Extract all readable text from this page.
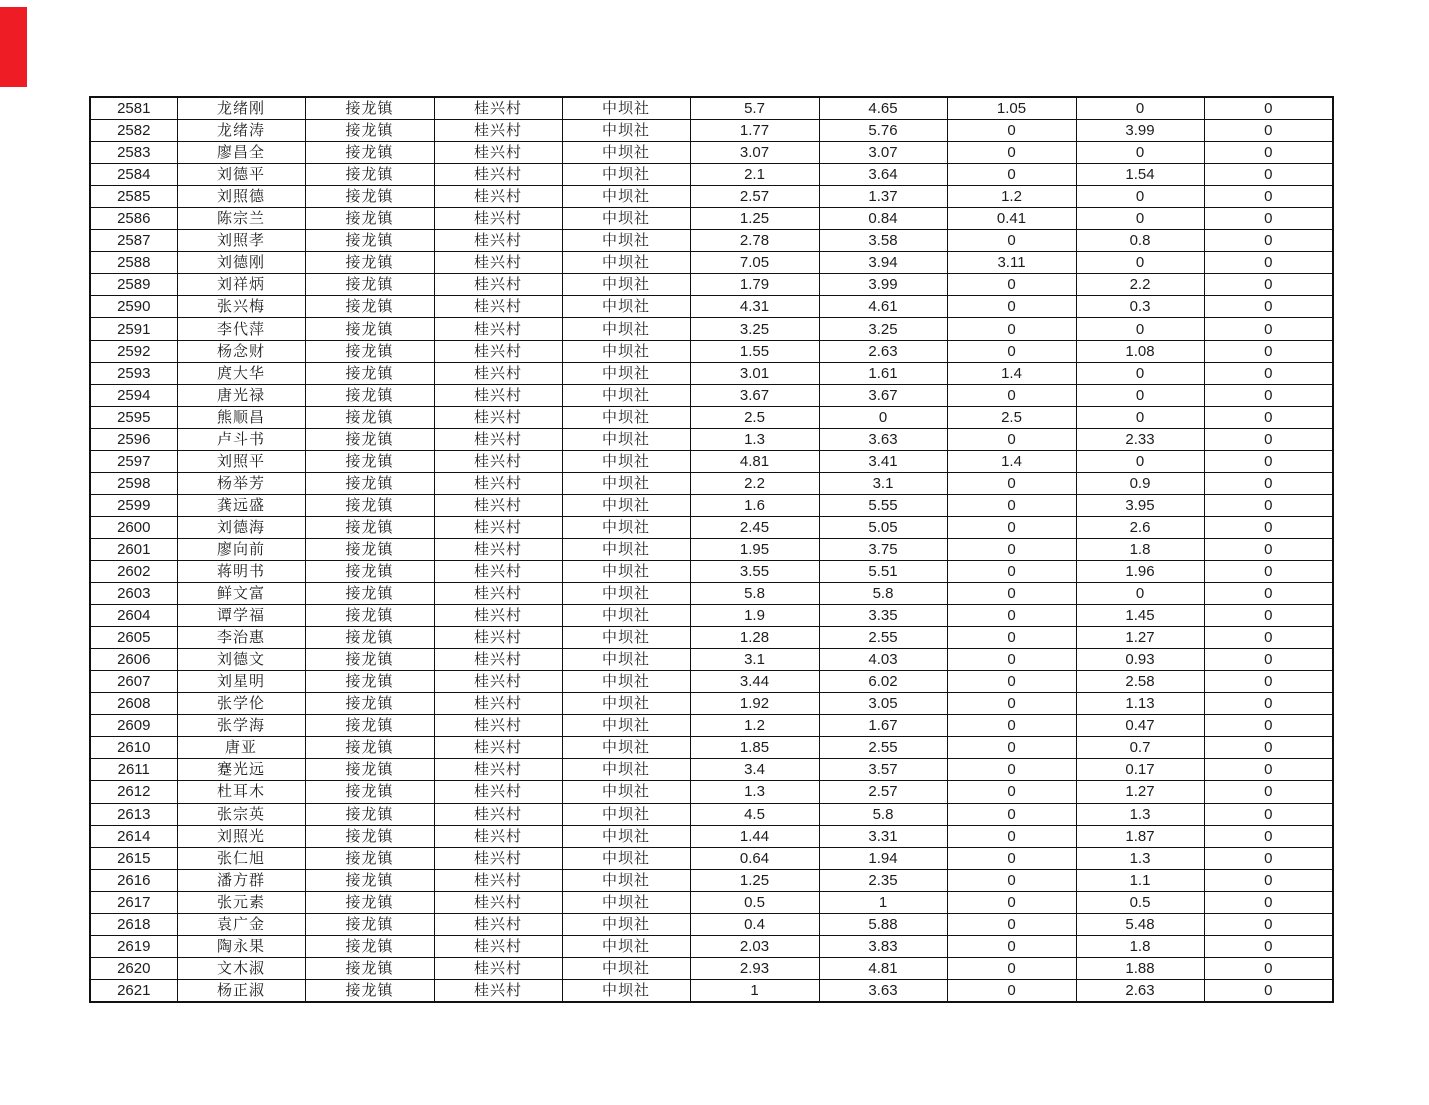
2581	龙绪刚	接龙镇	桂兴村	中坝社	5.7	4.65	1.05	0	0
2582	龙绪涛	接龙镇	桂兴村	中坝社	1.77	5.76	0	3.99	0
2583	廖昌全	接龙镇	桂兴村	中坝社	3.07	3.07	0	0	0
2584	刘德平	接龙镇	桂兴村	中坝社	2.1	3.64	0	1.54	0
2585	刘照德	接龙镇	桂兴村	中坝社	2.57	1.37	1.2	0	0
2586	陈宗兰	接龙镇	桂兴村	中坝社	1.25	0.84	0.41	0	0
2587	刘照孝	接龙镇	桂兴村	中坝社	2.78	3.58	0	0.8	0
2588	刘德刚	接龙镇	桂兴村	中坝社	7.05	3.94	3.11	0	0
2589	刘祥炳	接龙镇	桂兴村	中坝社	1.79	3.99	0	2.2	0
2590	张兴梅	接龙镇	桂兴村	中坝社	4.31	4.61	0	0.3	0
2591	李代萍	接龙镇	桂兴村	中坝社	3.25	3.25	0	0	0
2592	杨念财	接龙镇	桂兴村	中坝社	1.55	2.63	0	1.08	0
2593	庹大华	接龙镇	桂兴村	中坝社	3.01	1.61	1.4	0	0
2594	唐光禄	接龙镇	桂兴村	中坝社	3.67	3.67	0	0	0
2595	熊顺昌	接龙镇	桂兴村	中坝社	2.5	0	2.5	0	0
2596	卢斗书	接龙镇	桂兴村	中坝社	1.3	3.63	0	2.33	0
2597	刘照平	接龙镇	桂兴村	中坝社	4.81	3.41	1.4	0	0
2598	杨举芳	接龙镇	桂兴村	中坝社	2.2	3.1	0	0.9	0
2599	龚远盛	接龙镇	桂兴村	中坝社	1.6	5.55	0	3.95	0
2600	刘德海	接龙镇	桂兴村	中坝社	2.45	5.05	0	2.6	0
2601	廖向前	接龙镇	桂兴村	中坝社	1.95	3.75	0	1.8	0
2602	蒋明书	接龙镇	桂兴村	中坝社	3.55	5.51	0	1.96	0
2603	鲜文富	接龙镇	桂兴村	中坝社	5.8	5.8	0	0	0
2604	谭学福	接龙镇	桂兴村	中坝社	1.9	3.35	0	1.45	0
2605	李治惠	接龙镇	桂兴村	中坝社	1.28	2.55	0	1.27	0
2606	刘德文	接龙镇	桂兴村	中坝社	3.1	4.03	0	0.93	0
2607	刘星明	接龙镇	桂兴村	中坝社	3.44	6.02	0	2.58	0
2608	张学伦	接龙镇	桂兴村	中坝社	1.92	3.05	0	1.13	0
2609	张学海	接龙镇	桂兴村	中坝社	1.2	1.67	0	0.47	0
2610	唐亚	接龙镇	桂兴村	中坝社	1.85	2.55	0	0.7	0
2611	蹇光远	接龙镇	桂兴村	中坝社	3.4	3.57	0	0.17	0
2612	杜耳木	接龙镇	桂兴村	中坝社	1.3	2.57	0	1.27	0
2613	张宗英	接龙镇	桂兴村	中坝社	4.5	5.8	0	1.3	0
2614	刘照光	接龙镇	桂兴村	中坝社	1.44	3.31	0	1.87	0
2615	张仁旭	接龙镇	桂兴村	中坝社	0.64	1.94	0	1.3	0
2616	潘方群	接龙镇	桂兴村	中坝社	1.25	2.35	0	1.1	0
2617	张元素	接龙镇	桂兴村	中坝社	0.5	1	0	0.5	0
2618	袁广金	接龙镇	桂兴村	中坝社	0.4	5.88	0	5.48	0
2619	陶永果	接龙镇	桂兴村	中坝社	2.03	3.83	0	1.8	0
2620	文木淑	接龙镇	桂兴村	中坝社	2.93	4.81	0	1.88	0
2621	杨正淑	接龙镇	桂兴村	中坝社	1	3.63	0	2.63	0
